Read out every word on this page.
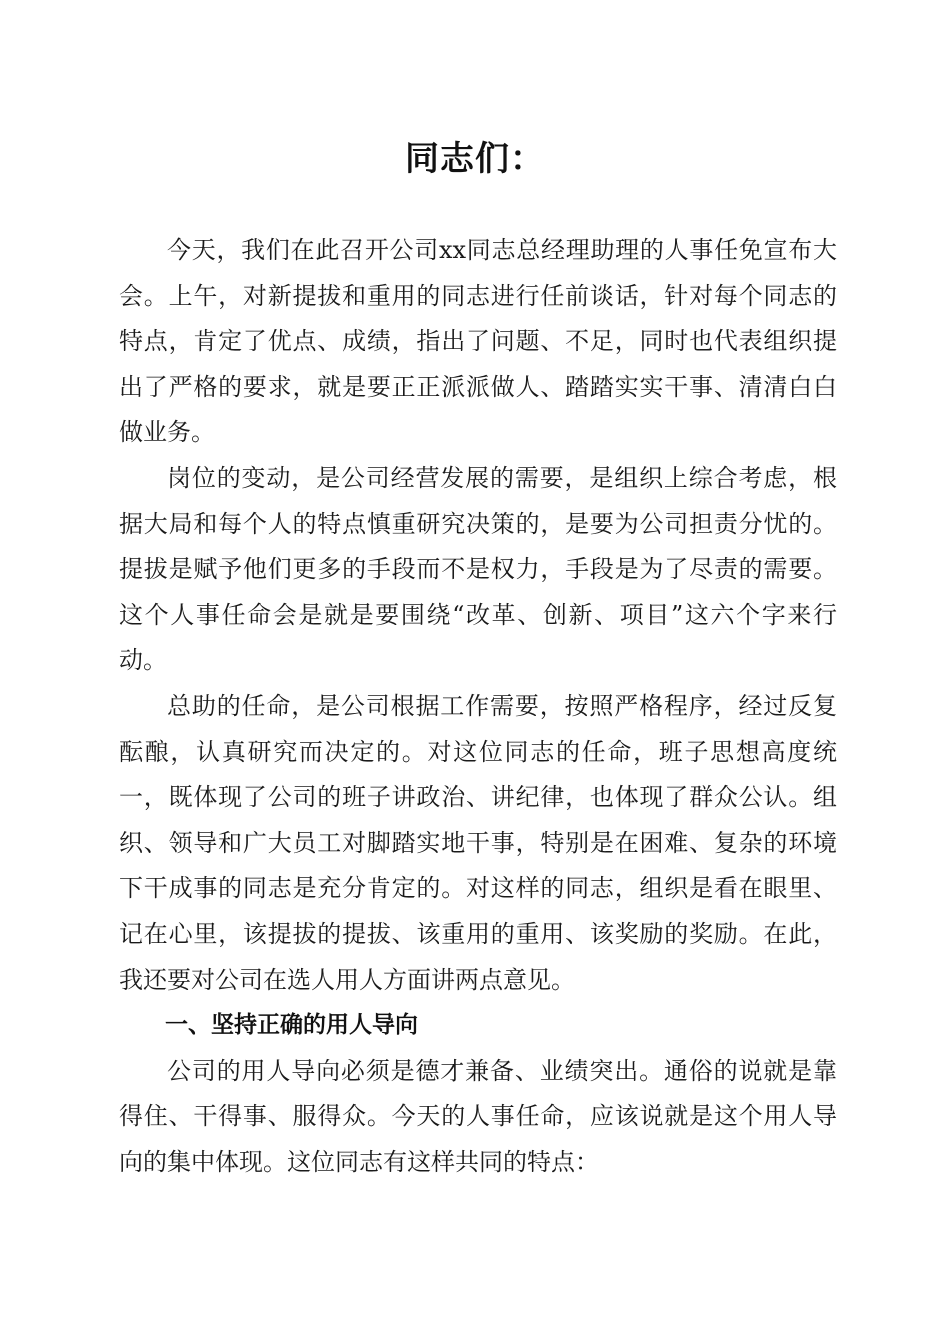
同志们：

今天，我们在此召开公司xx同志总经理助理的人事任免宣布大会。上午，对新提拔和重用的同志进行任前谈话，针对每个同志的特点，肯定了优点、成绩，指出了问题、不足，同时也代表组织提出了严格的要求，就是要正正派派做人、踏踏实实干事、清清白白做业务。

岗位的变动，是公司经营发展的需要，是组织上综合考虑，根据大局和每个人的特点慎重研究决策的，是要为公司担责分忧的。提拔是赋予他们更多的手段而不是权力，手段是为了尽责的需要。这个人事任命会是就是要围绕“改革、创新、项目”这六个字来行动。

总助的任命，是公司根据工作需要，按照严格程序，经过反复酝酿，认真研究而决定的。对这位同志的任命，班子思想高度统一，既体现了公司的班子讲政治、讲纪律，也体现了群众公认。组织、领导和广大员工对脚踏实地干事，特别是在困难、复杂的环境下干成事的同志是充分肯定的。对这样的同志，组织是看在眼里、记在心里，该提拔的提拔、该重用的重用、该奖励的奖励。在此，我还要对公司在选人用人方面讲两点意见。

一、坚持正确的用人导向

公司的用人导向必须是德才兼备、业绩突出。通俗的说就是靠得住、干得事、服得众。今天的人事任命，应该说就是这个用人导向的集中体现。这位同志有这样共同的特点：
